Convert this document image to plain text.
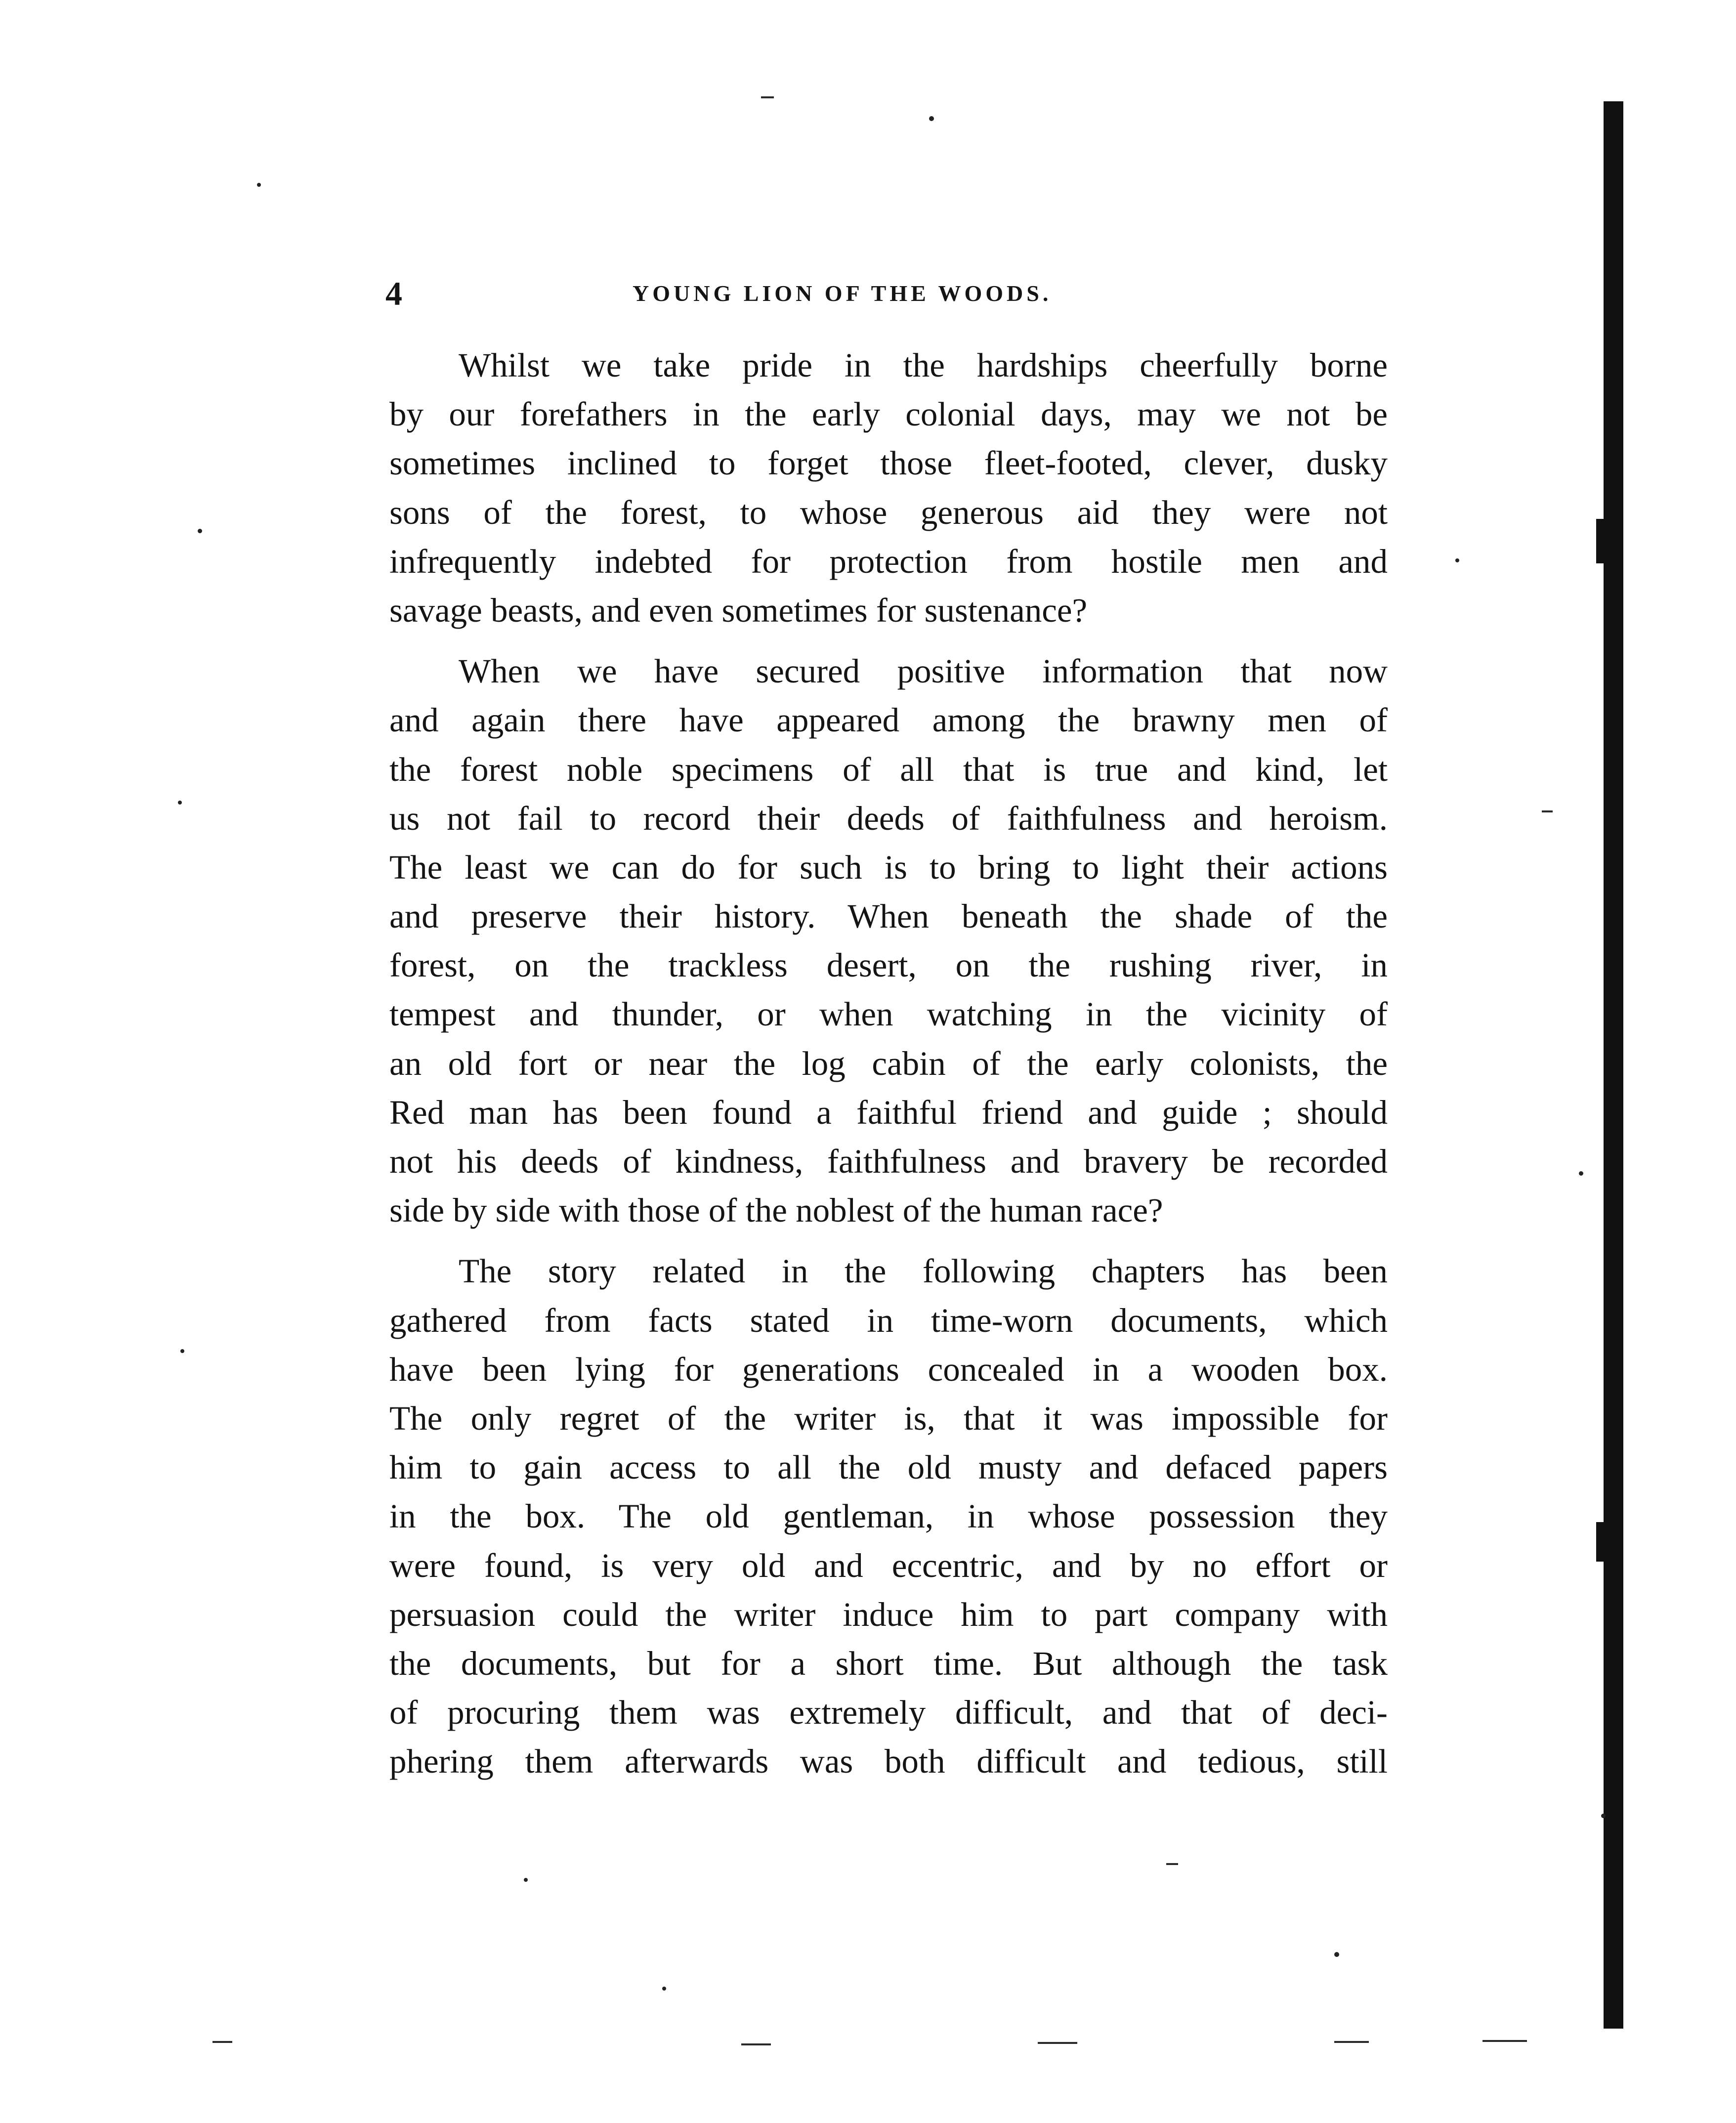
4	YOUNG LION OF THE WOODS.
Whilst we take pride in the hardships cheerfully borne
by our forefathers in the early colonial days, may we not be
sometimes inclined to forget those fleet-footed, clever, dusky
sons of the forest, to whose generous aid they were not
infrequently indebted for protection from hostile men and
savage beasts, and even sometimes for sustenance?
When we have secured positive information that now
and again there have appeared among the brawny men of
the forest noble specimens of all that is true and kind, let
us not fail to record their deeds of faithfulness and heroism.
The least we can do for such is to bring to light their actions
and preserve their history. When beneath the shade of the
forest, on the trackless desert, on the rushing river, in
tempest and thunder, or when watching in the vicinity of
an old fort or near the log cabin of the early colonists, the
Red man has been found a faithful friend and guide ; should
not his deeds of kindness, faithfulness and bravery be recorded
side by side with those of the noblest of the human race?
The story related in the following chapters has been
gathered from facts stated in time-worn documents, which
have been lying for generations concealed in a wooden box.
The only regret of the writer is, that it was impossible for
him to gain access to all the old musty and defaced papers
in the box. The old gentleman, in whose possession they
were found, is very old and eccentric, and by no effort or
persuasion could the writer induce him to part company with
the documents, but for a short time. But although the task
of procuring them was extremely difficult, and that of deci-
phering them afterwards was both difficult and tedious, still
